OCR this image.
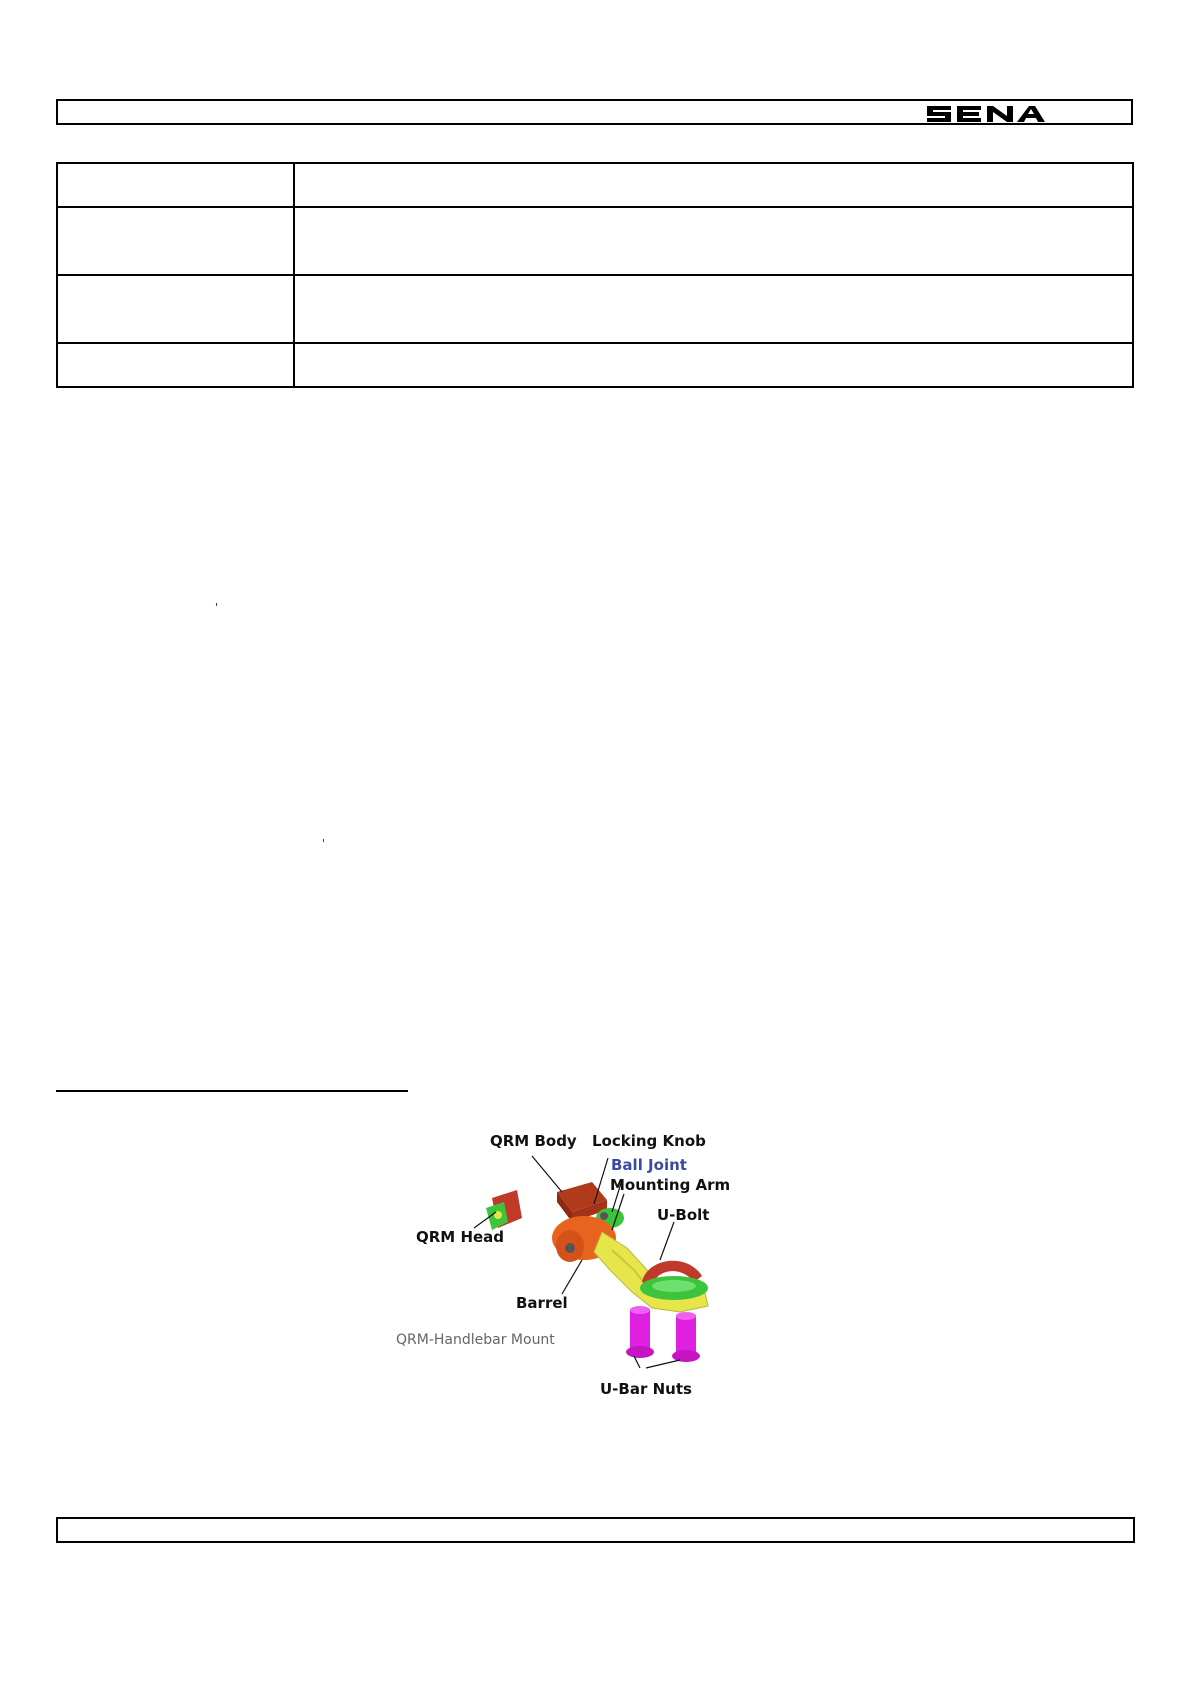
QRM Body Locking Knob
Ball Joint
Mounting Arm
U-Bolt
QRM Head
Barrel
QRM-Handlebar Mount
U-Bar Nuts
